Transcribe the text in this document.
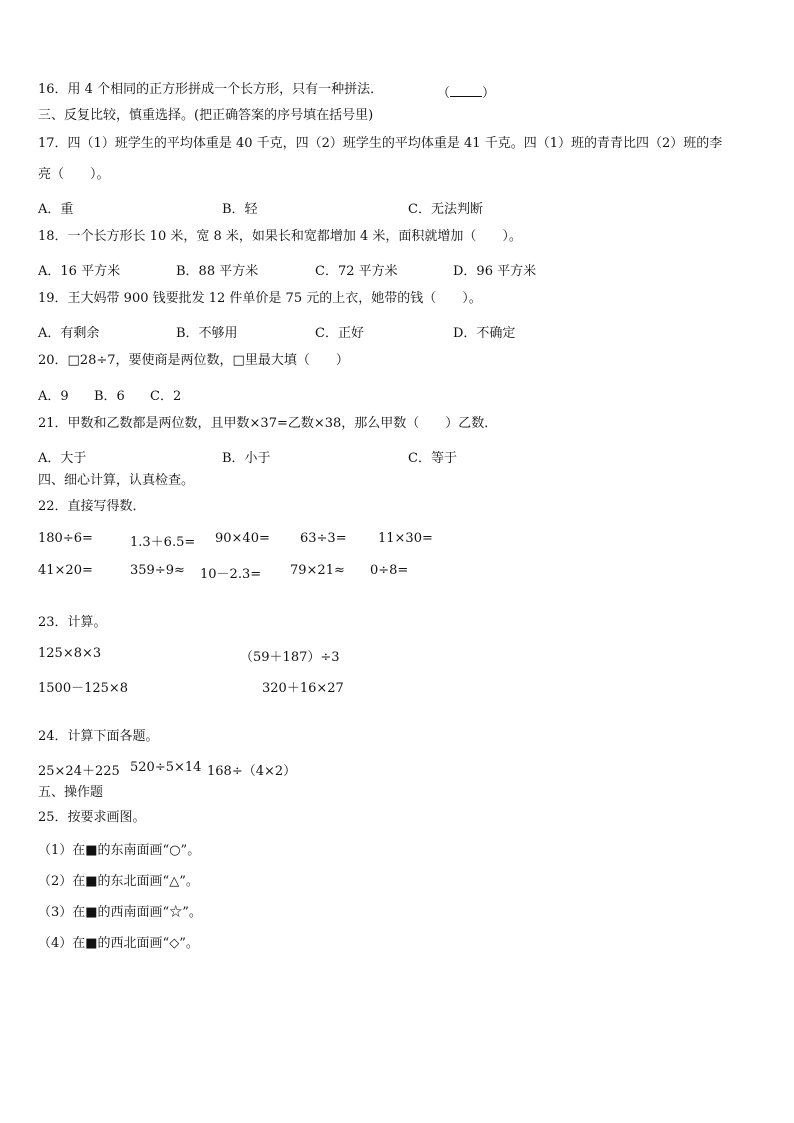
16．用 4 个相同的正方形拼成一个长方形，只有一种拼法．	（ ）
三、反复比较，慎重选择。(把正确答案的序号填在括号里)
17．四（1）班学生的平均体重是 40 千克，四（2）班学生的平均体重是 41 千克。四（1）班的青青比四（2）班的李
亮（　　）。
A．重	B．轻	C．无法判断
18．一个长方形长 10 米，宽 8 米，如果长和宽都增加 4 米，面积就增加（　　）。
A．16 平方米	B．88 平方米	C．72 平方米	D．96 平方米
19．王大妈带 900 钱要批发 12 件单价是 75 元的上衣，她带的钱（　　）。
A．有剩余	B．不够用	C．正好	D．不确定
20．□28÷7，要使商是两位数，□里最大填（　　）
A．9 B．6 C．2
21．甲数和乙数都是两位数，且甲数×37=乙数×38，那么甲数（　　）乙数．
A．大于	B．小于	C．等于
四、细心计算，认真检查。
22．直接写得数．
180÷6=	1.3＋6.5= 90×40= 63÷3= 11×30=
41×20=	359÷9≈ 10－2.3= 79×21≈ 0÷8=
23．计算。
125×8×3	（59＋187）÷3
1500－125×8	320＋16×27
24．计算下面各题。
25×24＋225 520÷5×14 168÷（4×2）
五、操作题
25．按要求画图。
（1）在■的东南面画“○”。
（2）在■的东北面画“△”。
（3）在■的西南面画“☆”。
（4）在■的西北面画“◇”。
